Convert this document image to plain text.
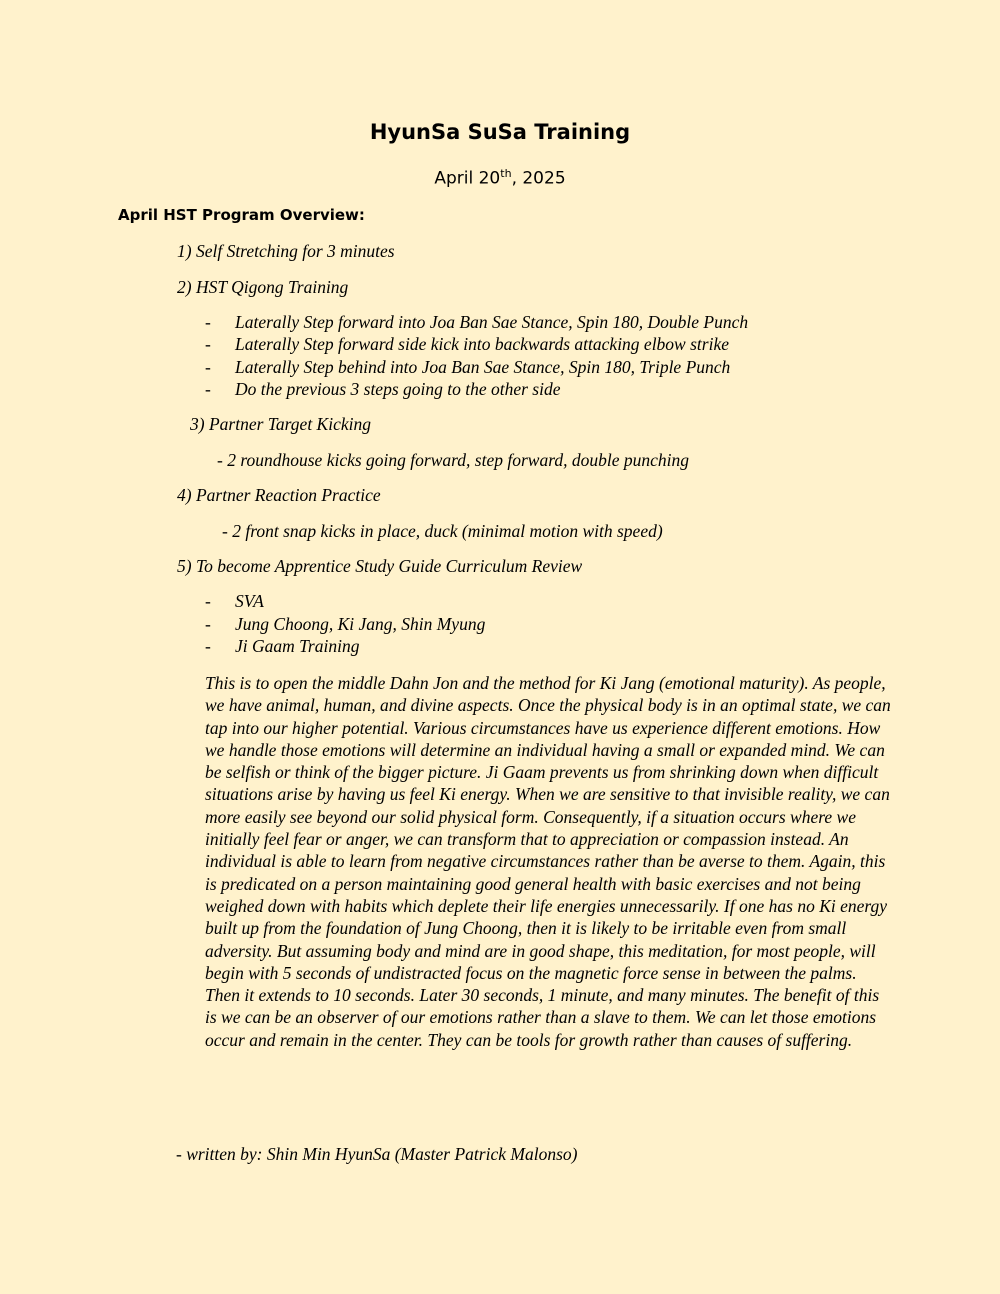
HyunSa SuSa Training
April 20th, 2025
April HST Program Overview:
1) Self Stretching for 3 minutes
2) HST Qigong Training
- Laterally Step forward into Joa Ban Sae Stance, Spin 180, Double Punch
- Laterally Step forward side kick into backwards attacking elbow strike
- Laterally Step behind into Joa Ban Sae Stance, Spin 180, Triple Punch
- Do the previous 3 steps going to the other side
3) Partner Target Kicking
- 2 roundhouse kicks going forward, step forward, double punching
4) Partner Reaction Practice
- 2 front snap kicks in place, duck (minimal motion with speed)
5) To become Apprentice Study Guide Curriculum Review
- SVA
- Jung Choong, Ki Jang, Shin Myung
- Ji Gaam Training

This is to open the middle Dahn Jon and the method for Ki Jang (emotional maturity). As people, we have animal, human, and divine aspects. Once the physical body is in an optimal state, we can tap into our higher potential. Various circumstances have us experience different emotions. How we handle those emotions will determine an individual having a small or expanded mind. We can be selfish or think of the bigger picture. Ji Gaam prevents us from shrinking down when difficult situations arise by having us feel Ki energy. When we are sensitive to that invisible reality, we can more easily see beyond our solid physical form. Consequently, if a situation occurs where we initially feel fear or anger, we can transform that to appreciation or compassion instead. An individual is able to learn from negative circumstances rather than be averse to them. Again, this is predicated on a person maintaining good general health with basic exercises and not being weighed down with habits which deplete their life energies unnecessarily. If one has no Ki energy built up from the foundation of Jung Choong, then it is likely to be irritable even from small adversity. But assuming body and mind are in good shape, this meditation, for most people, will begin with 5 seconds of undistracted focus on the magnetic force sense in between the palms. Then it extends to 10 seconds. Later 30 seconds, 1 minute, and many minutes. The benefit of this is we can be an observer of our emotions rather than a slave to them. We can let those emotions occur and remain in the center. They can be tools for growth rather than causes of suffering.

- written by: Shin Min HyunSa (Master Patrick Malonso)
